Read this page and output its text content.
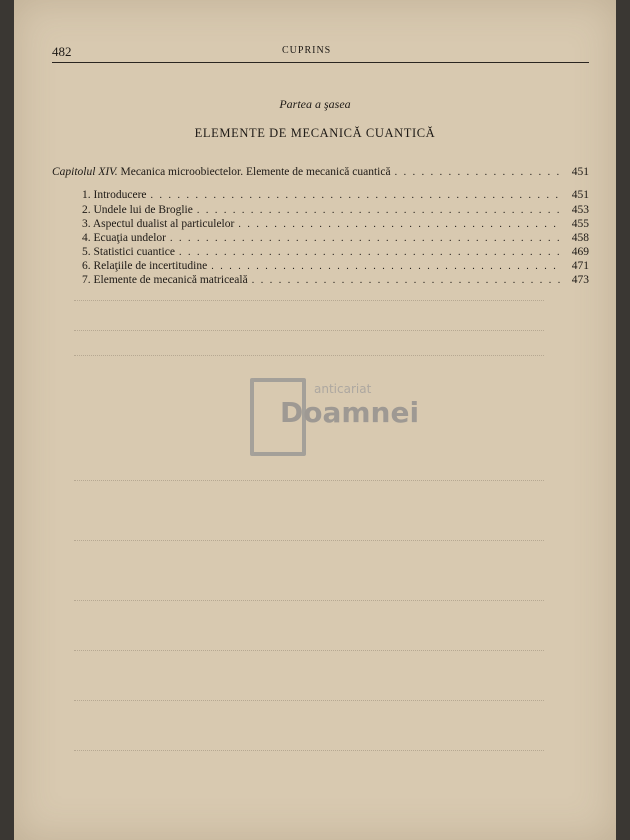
482	CUPRINS
Partea a şasea
ELEMENTE DE MECANICĂ CUANTICĂ
Capitolul XIV. Mecanica microobiectelor. Elemente de mecanică cuantică . . .	451
1. Introducere . . .	451
2. Undele lui de Broglie . . .	453
3. Aspectul dualist al particulelor . . .	455
4. Ecuaţia undelor . . .	458
5. Statistici cuantice . . .	469
6. Relaţiile de incertitudine . . .	471
7. Elemente de mecanică matriceală . . .	473
anticariat
Doamnei
